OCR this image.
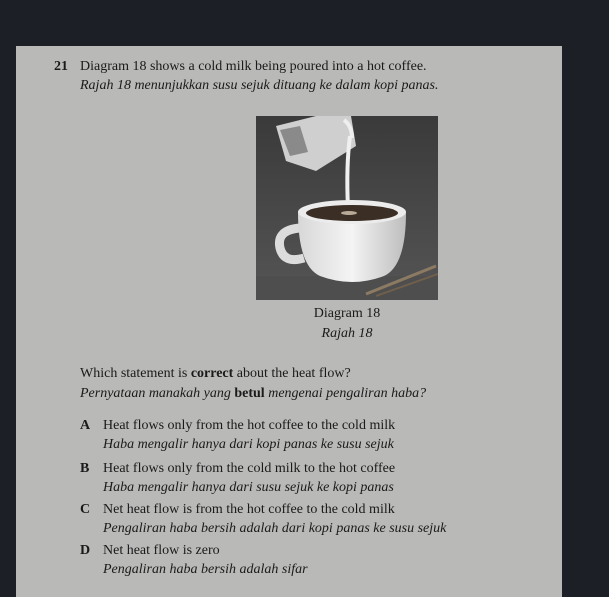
21 Diagram 18 shows a cold milk being poured into a hot coffee.
Rajah 18 menunjukkan susu sejuk dituang ke dalam kopi panas.
Diagram 18
Rajah 18
Which statement is correct about the heat flow?
Pernyataan manakah yang betul mengenai pengaliran haba?
A Heat flows only from the hot coffee to the cold milk
Haba mengalir hanya dari kopi panas ke susu sejuk
B Heat flows only from the cold milk to the hot coffee
Haba mengalir hanya dari susu sejuk ke kopi panas
C Net heat flow is from the hot coffee to the cold milk
Pengaliran haba bersih adalah dari kopi panas ke susu sejuk
D Net heat flow is zero
Pengaliran haba bersih adalah sifar
